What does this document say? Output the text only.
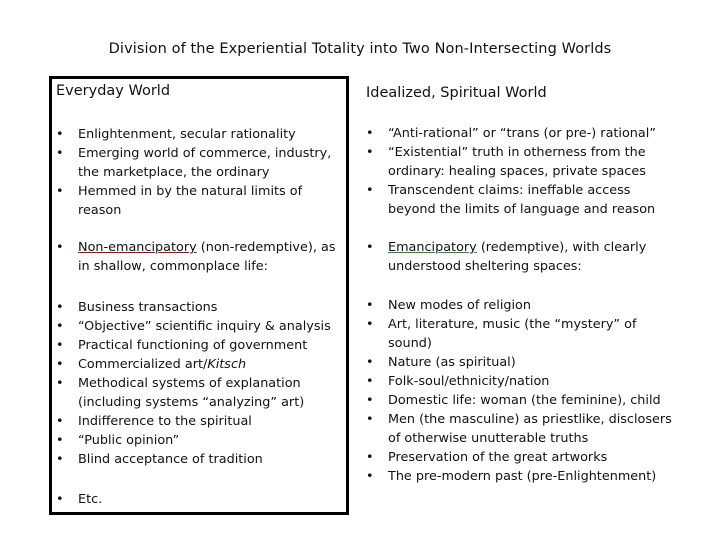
Division of the Experiential Totality into Two Non-Intersecting Worlds
Everyday World
• Enlightenment, secular rationality
• Emerging world of commerce, industry, the marketplace, the ordinary
• Hemmed in by the natural limits of reason
• Non-emancipatory (non-redemptive), as in shallow, commonplace life:
• Business transactions
• “Objective” scientific inquiry & analysis
• Practical functioning of government
• Commercialized art/Kitsch
• Methodical systems of explanation (including systems “analyzing” art)
• Indifference to the spiritual
• “Public opinion”
• Blind acceptance of tradition
• Etc.
Idealized, Spiritual World
• “Anti-rational” or “trans (or pre-) rational”
• “Existential” truth in otherness from the ordinary: healing spaces, private spaces
• Transcendent claims: ineffable access beyond the limits of language and reason
• Emancipatory (redemptive), with clearly understood sheltering spaces:
• New modes of religion
• Art, literature, music (the “mystery” of sound)
• Nature (as spiritual)
• Folk-soul/ethnicity/nation
• Domestic life: woman (the feminine), child
• Men (the masculine) as priestlike, disclosers of otherwise unutterable truths
• Preservation of the great artworks
• The pre-modern past (pre-Enlightenment)
